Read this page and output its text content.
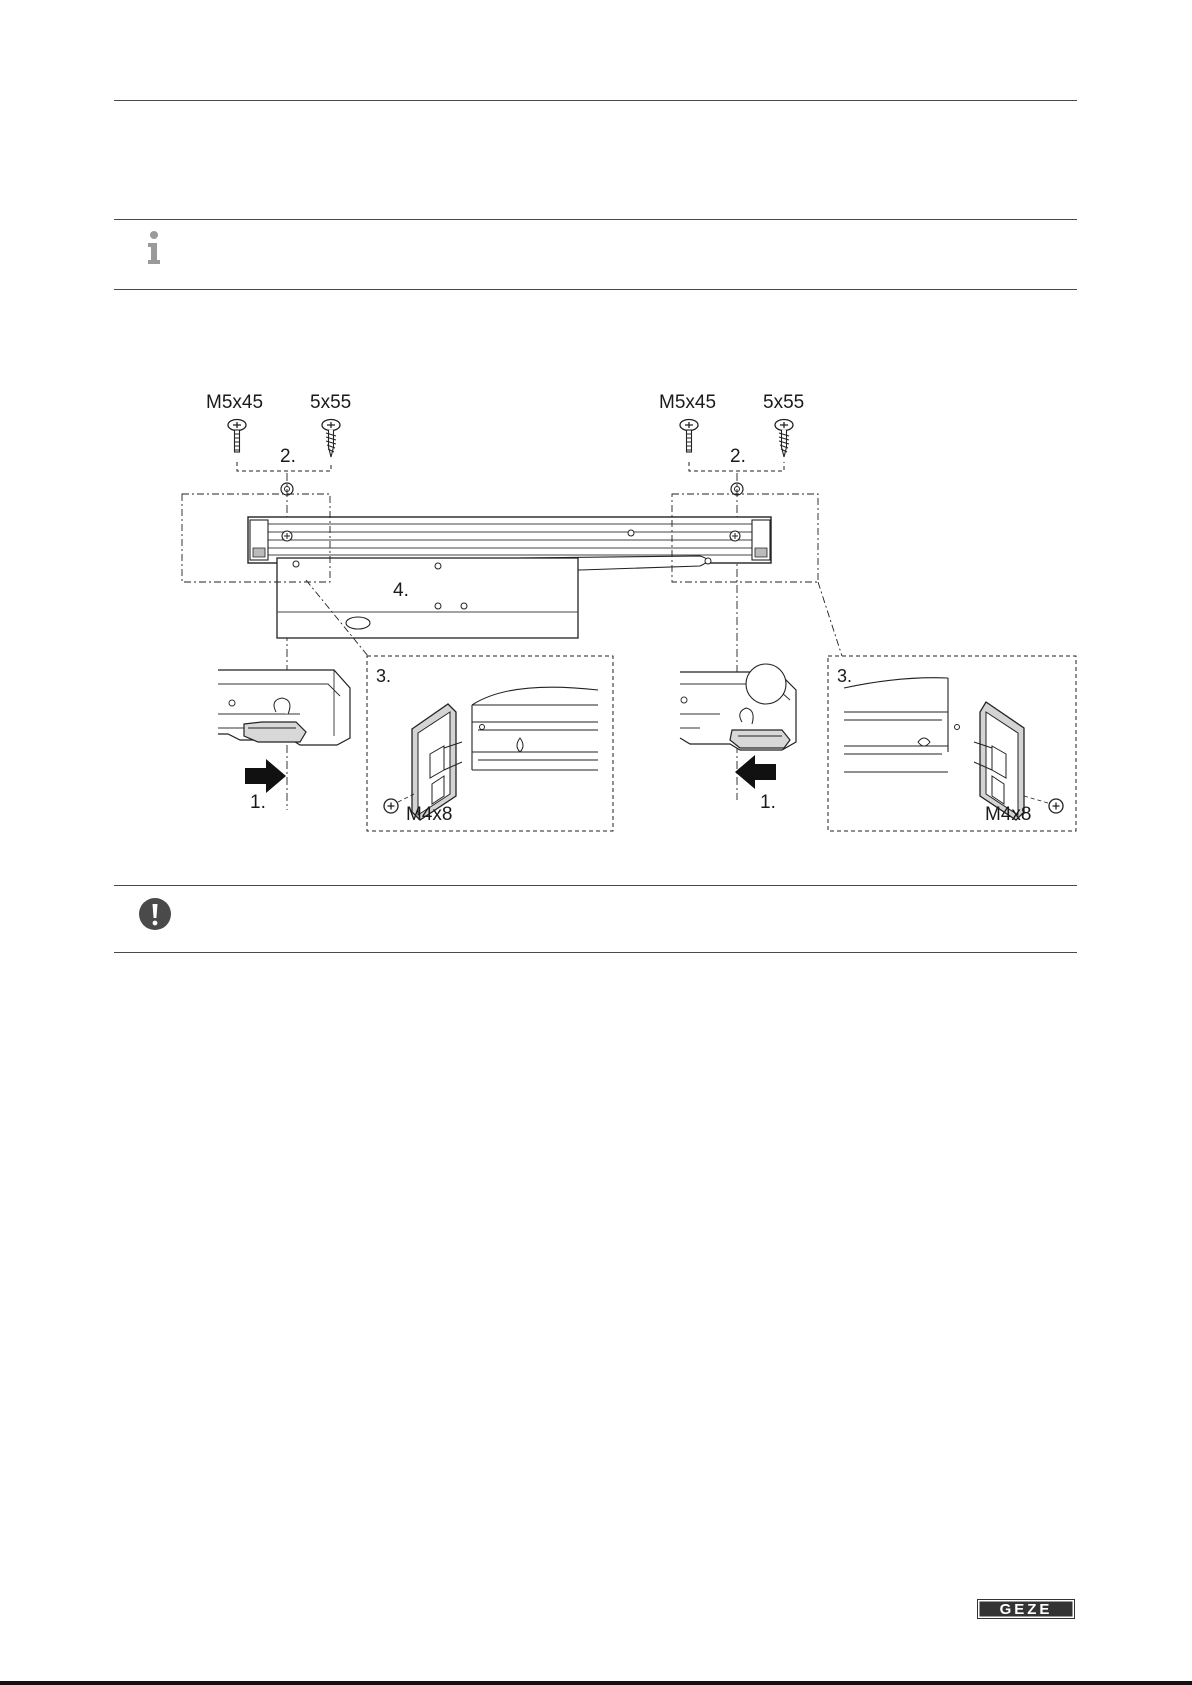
M5x45 5x55
2.
M5x45 5x55
2.
4.
1.
3.
M4x8
1.
3.
M4x8
GEZE
